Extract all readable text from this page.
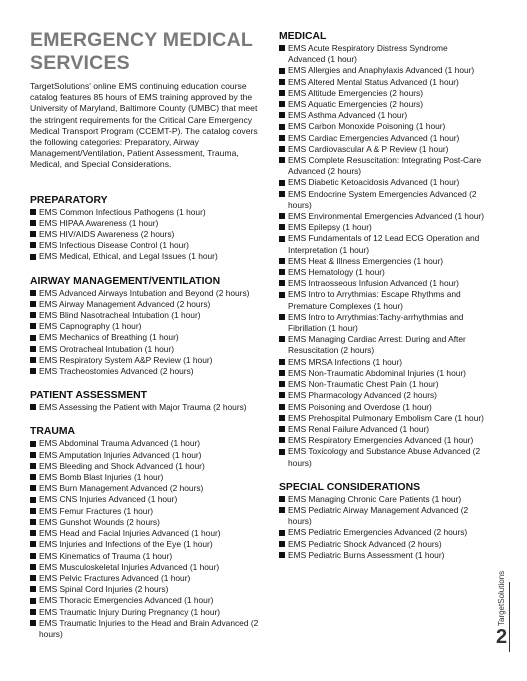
EMERGENCY MEDICAL
SERVICES

TargetSolutions' online EMS continuing education course catalog features 85 hours of EMS training approved by the University of Maryland, Baltimore County (UMBC) that meet the stringent requirements for the Critical Care Emergency Medical Transport Program (CCEMT-P). The catalog covers the following categories: Preparatory, Airway Management/Ventilation, Patient Assessment, Trauma, Medical, and Special Considerations.

PREPARATORY
EMS Common Infectious Pathogens (1 hour)
EMS HIPAA Awareness (1 hour)
EMS HIV/AIDS Awareness (2 hours)
EMS Infectious Disease Control (1 hour)
EMS Medical, Ethical, and Legal Issues (1 hour)
AIRWAY MANAGEMENT/VENTILATION
EMS Advanced Airways Intubation and Beyond (2 hours)
EMS Airway Management Advanced (2 hours)
EMS Blind Nasotracheal Intubation (1 hour)
EMS Capnography (1 hour)
EMS Mechanics of Breathing (1 hour)
EMS Orotracheal Intubation (1 hour)
EMS Respiratory System A&P Review (1 hour)
EMS Tracheostomies Advanced (2 hours)
PATIENT ASSESSMENT
EMS Assessing the Patient with Major Trauma (2 hours)
TRAUMA
EMS Abdominal Trauma Advanced (1 hour)
EMS Amputation Injuries Advanced (1 hour)
EMS Bleeding and Shock Advanced (1 hour)
EMS Bomb Blast Injuries (1 hour)
EMS Burn Management Advanced (2 hours)
EMS CNS Injuries Advanced (1 hour)
EMS Femur Fractures (1 hour)
EMS Gunshot Wounds (2 hours)
EMS Head and Facial Injuries Advanced (1 hour)
EMS Injuries and Infections of the Eye (1 hour)
EMS Kinematics of Trauma (1 hour)
EMS Musculoskeletal Injuries Advanced (1 hour)
EMS Pelvic Fractures Advanced (1 hour)
EMS Spinal Cord Injuries (2 hours)
EMS Thoracic Emergencies Advanced (1 hour)
EMS Traumatic Injury During Pregnancy (1 hour)
EMS Traumatic Injuries to the Head and Brain Advanced (2 hours)
MEDICAL
EMS Acute Respiratory Distress Syndrome Advanced (1 hour)
EMS Allergies and Anaphylaxis Advanced (1 hour)
EMS Altered Mental Status Advanced (1 hour)
EMS Altitude Emergencies (2 hours)
EMS Aquatic Emergencies (2 hours)
EMS Asthma Advanced (1 hour)
EMS Carbon Monoxide Poisoning (1 hour)
EMS Cardiac Emergencies Advanced (1 hour)
EMS Cardiovascular A & P Review (1 hour)
EMS Complete Resuscitation: Integrating Post-Care Advanced (2 hours)
EMS Diabetic Ketoacidosis Advanced (1 hour)
EMS Endocrine System Emergencies Advanced (2 hours)
EMS Environmental Emergencies Advanced (1 hour)
EMS Epilepsy (1 hour)
EMS Fundamentals of 12 Lead ECG Operation and Interpretation (1 hour)
EMS Heat & Illness Emergencies (1 hour)
EMS Hematology (1 hour)
EMS Intraosseous Infusion Advanced (1 hour)
EMS Intro to Arrythmias: Escape Rhythms and Premature Complexes (1 hour)
EMS Intro to Arrythmias:Tachy-arrhythmias and Fibrillation (1 hour)
EMS Managing Cardiac Arrest: During and After Resuscitation (2 hours)
EMS MRSA Infections (1 hour)
EMS Non-Traumatic Abdominal Injuries (1 hour)
EMS Non-Traumatic Chest Pain (1 hour)
EMS Pharmacology Advanced (2 hours)
EMS Poisoning and Overdose (1 hour)
EMS Prehospital Pulmonary Embolism Care (1 hour)
EMS Renal Failure Advanced (1 hour)
EMS Respiratory Emergencies Advanced (1 hour)
EMS Toxicology and Substance Abuse Advanced (2 hours)
SPECIAL CONSIDERATIONS
EMS Managing Chronic Care Patients (1 hour)
EMS Pediatric Airway Management Advanced (2 hours)
EMS Pediatric Emergencies Advanced (2 hours)
EMS Pediatric Shock Advanced (2 hours)
EMS Pediatric Burns Assessment (1 hour)
TargetSolutions
2
